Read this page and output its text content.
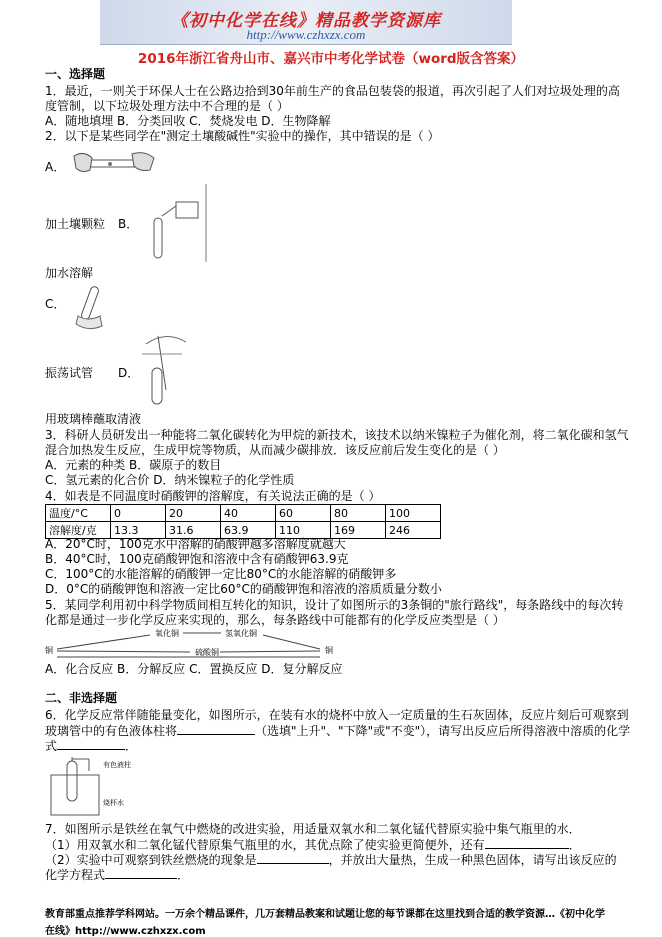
《初中化学在线》精品教学资源库
http://www.czhxzx.com
2016年浙江省舟山市、嘉兴市中考化学试卷（word版含答案）
一、选择题
1．最近，一则关于环保人士在公路边拾到30年前生产的食品包装袋的报道，再次引起了人们对垃圾处理的高
度管制，以下垃圾处理方法中不合理的是（ ）
A．随地填埋 B．分类回收 C．焚烧发电 D．生物降解
2．以下是某些同学在"测定土壤酸碱性"实验中的操作，其中错误的是（ ）
A．
加土壤颗粒 B．
加水溶解
C．
振荡试管 D．
用玻璃棒蘸取清液
3．科研人员研发出一种能将二氧化碳转化为甲烷的新技术，该技术以纳米镍粒子为催化剂，将二氧化碳和氢气
混合加热发生反应，生成甲烷等物质，从而减少碳排放．该反应前后发生变化的是（ ）
A．元素的种类 B．碳原子的数目
C．氢元素的化合价 D．纳米镍粒子的化学性质
4．如表是不同温度时硝酸钾的溶解度，有关说法正确的是（ ）
温度/°C	0	20	40	60	80	100
溶解度/克	13.3	31.6	63.9	110	169	246
A．20°C时，100克水中溶解的硝酸钾越多溶解度就越大
B．40°C时，100克硝酸钾饱和溶液中含有硝酸钾63.9克
C．100°C的水能溶解的硝酸钾一定比80°C的水能溶解的硝酸钾多
D．0°C的硝酸钾饱和溶液一定比60°C的硝酸钾饱和溶液的溶质质量分数小
5．某同学利用初中科学物质间相互转化的知识，设计了如图所示的3条铜的"旅行路线"，每条路线中的每次转
化都是通过一步化学反应来实现的，那么，每条路线中可能都有的化学反应类型是（ ）
铜
氧化铜	氢氧化铜
硫酸铜	铜
A．化合反应 B．分解反应 C．置换反应 D．复分解反应
二、非选择题
6．化学反应常伴随能量变化，如图所示，在装有水的烧杯中放入一定质量的生石灰固体，反应片刻后可观察到
玻璃管中的有色液体柱将	（选填"上升"、"下降"或"不变"），请写出反应后所得溶液中溶质的化学
式	．
有色液柱
烧杯水
7．如图所示是铁丝在氧气中燃烧的改进实验，用适量双氧水和二氧化锰代替原实验中集气瓶里的水．
（1）用双氧水和二氧化锰代替原集气瓶里的水，其优点除了使实验更简便外，还有	．
（2）实验中可观察到铁丝燃烧的现象是	，并放出大量热，生成一种黑色固体，请写出该反应的
化学方程式	．
教育部重点推荐学科网站。一万余个精品课件，几万套精品教案和试题让您的每节课都在这里找到合适的教学资源…《初中化学
在线》http://www.czhxzx.com
